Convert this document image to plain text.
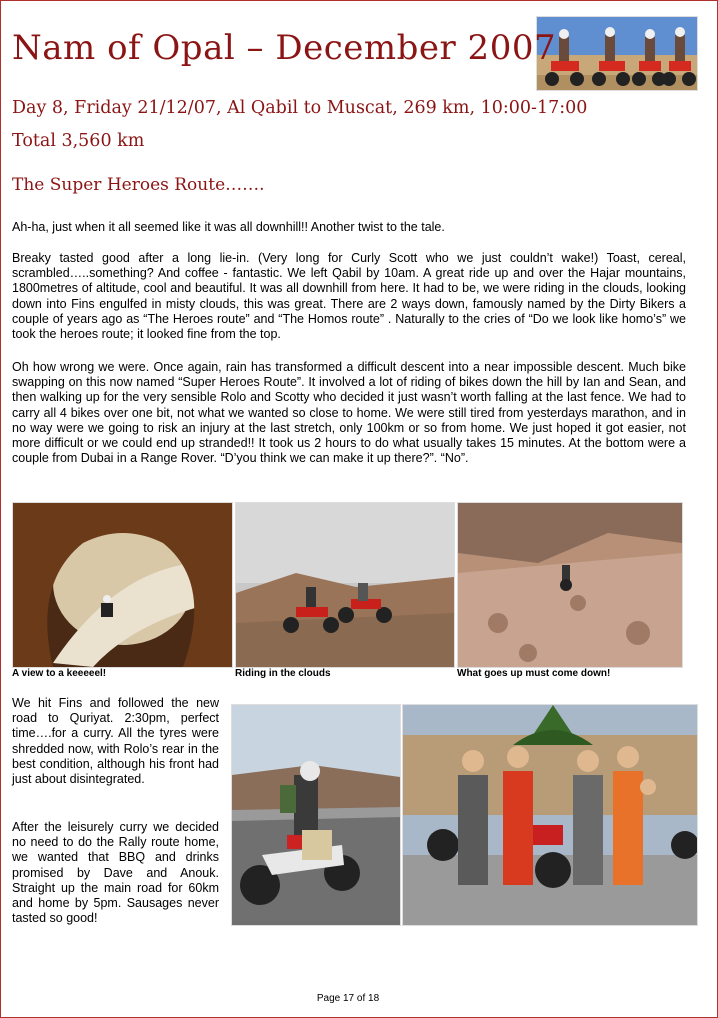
Nam of Opal – December 2007
Day 8, Friday 21/12/07, Al Qabil to Muscat, 269 km, 10:00-17:00
Total 3,560 km
The Super Heroes Route…….

Ah-ha, just when it all seemed like it was all downhill!! Another twist to the tale.

Breaky tasted good after a long lie-in. (Very long for Curly Scott who we just couldn’t wake!) Toast, cereal, scrambled…..something? And coffee - fantastic. We left Qabil by 10am. A great ride up and over the Hajar mountains, 1800metres of altitude, cool and beautiful. It was all downhill from here. It had to be, we were riding in the clouds, looking down into Fins engulfed in misty clouds, this was great. There are 2 ways down, famously named by the Dirty Bikers a couple of years ago as “The Heroes route” and “The Homos route” . Naturally to the cries of “Do we look like homo’s” we took the heroes route; it looked fine from the top.

Oh how wrong we were. Once again, rain has transformed a difficult descent into a near impossible descent. Much bike swapping on this now named “Super Heroes Route”. It involved a lot of riding of bikes down the hill by Ian and Sean, and then walking up for the very sensible Rolo and Scotty who decided it just wasn’t worth falling at the last fence. We had to carry all 4 bikes over one bit, not what we wanted so close to home. We were still tired from yesterdays marathon, and in no way were we going to risk an injury at the last stretch, only 100km or so from home. We just hoped it got easier, not more difficult or we could end up stranded!! It took us 2 hours to do what usually takes 15 minutes. At the bottom were a couple from Dubai in a Range Rover. “D’you think we can make it up there?”. “No”.

A view to a keeeeel!	Riding in the clouds	What goes up must come down!

We hit Fins and followed the new road to Quriyat. 2:30pm, perfect time….for a curry. All the tyres were shredded now, with Rolo’s rear in the best condition, although his front had just about disintegrated.

After the leisurely curry we decided no need to do the Rally route home, we wanted that BBQ and drinks promised by Dave and Anouk. Straight up the main road for 60km and home by 5pm. Sausages never tasted so good!

Page 17 of 18
